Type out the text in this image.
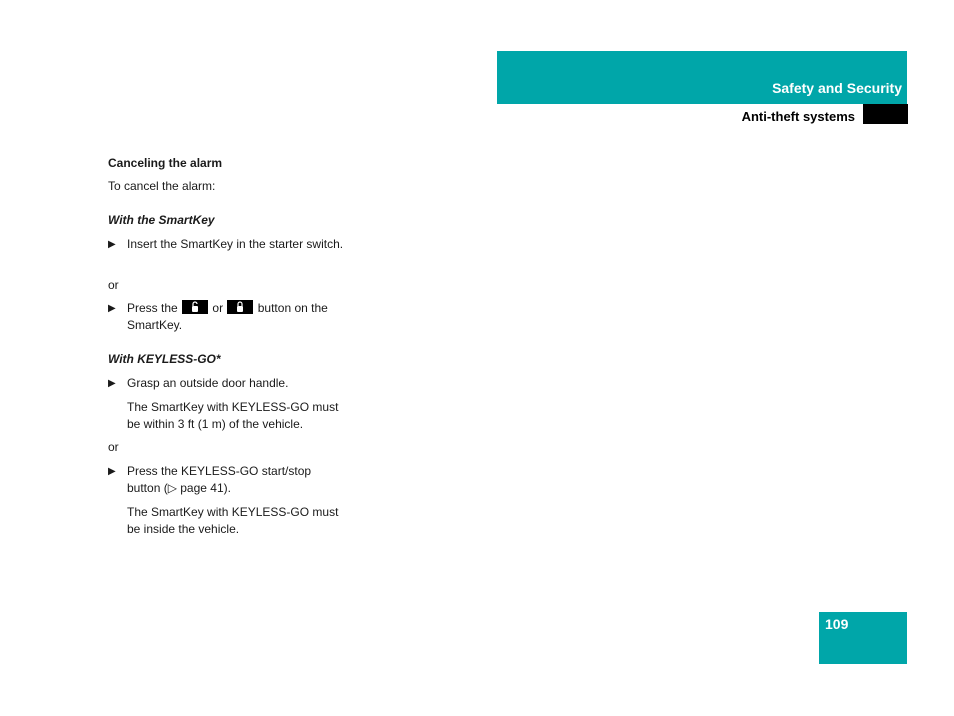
Safety and Security
Anti-theft systems
Canceling the alarm
To cancel the alarm:
With the SmartKey
▶ Insert the SmartKey in the starter switch.
or
▶ Press the	or	button on the SmartKey.
With KEYLESS-GO*
▶ Grasp an outside door handle.
The SmartKey with KEYLESS-GO must be within 3 ft (1 m) of the vehicle.
or
▶ Press the KEYLESS-GO start/stop button (▷ page 41).
The SmartKey with KEYLESS-GO must be inside the vehicle.
109
